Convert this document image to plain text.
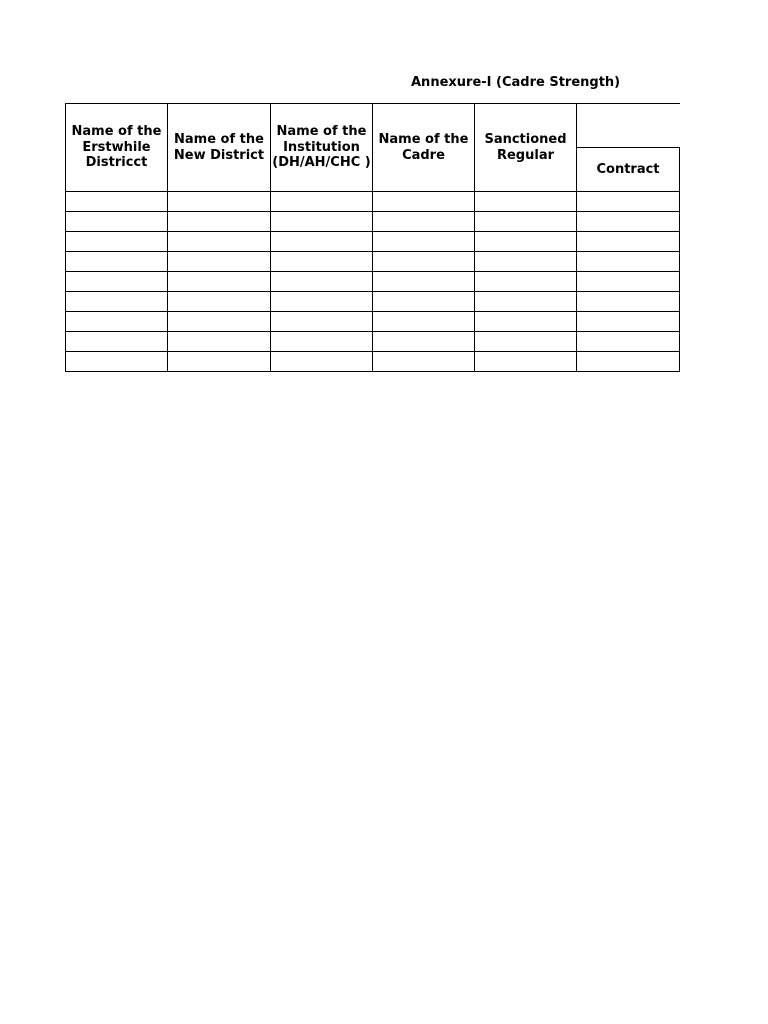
Annexure-I (Cadre Strength)
Name of the Erstwhile Districct	Name of the New District	Name of the Institution (DH/AH/CHC )	Name of the Cadre	Sanctioned Regular	

					Contract
